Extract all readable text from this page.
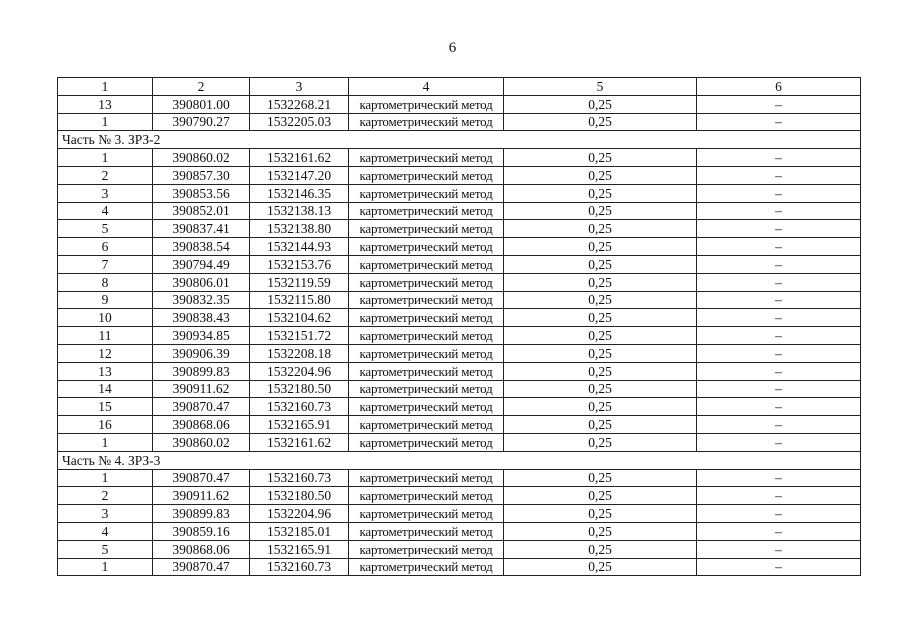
6
1	2	3	4	5	6
13	390801.00	1532268.21	картометрический метод	0,25	–
1	390790.27	1532205.03	картометрический метод	0,25	–
Часть № 3. ЗРЗ-2					
1	390860.02	1532161.62	картометрический метод	0,25	–
2	390857.30	1532147.20	картометрический метод	0,25	–
3	390853.56	1532146.35	картометрический метод	0,25	–
4	390852.01	1532138.13	картометрический метод	0,25	–
5	390837.41	1532138.80	картометрический метод	0,25	–
6	390838.54	1532144.93	картометрический метод	0,25	–
7	390794.49	1532153.76	картометрический метод	0,25	–
8	390806.01	1532119.59	картометрический метод	0,25	–
9	390832.35	1532115.80	картометрический метод	0,25	–
10	390838.43	1532104.62	картометрический метод	0,25	–
11	390934.85	1532151.72	картометрический метод	0,25	–
12	390906.39	1532208.18	картометрический метод	0,25	–
13	390899.83	1532204.96	картометрический метод	0,25	–
14	390911.62	1532180.50	картометрический метод	0,25	–
15	390870.47	1532160.73	картометрический метод	0,25	–
16	390868.06	1532165.91	картометрический метод	0,25	–
1	390860.02	1532161.62	картометрический метод	0,25	–
Часть № 4. ЗРЗ-3					
1	390870.47	1532160.73	картометрический метод	0,25	–
2	390911.62	1532180.50	картометрический метод	0,25	–
3	390899.83	1532204.96	картометрический метод	0,25	–
4	390859.16	1532185.01	картометрический метод	0,25	–
5	390868.06	1532165.91	картометрический метод	0,25	–
1	390870.47	1532160.73	картометрический метод	0,25	–
